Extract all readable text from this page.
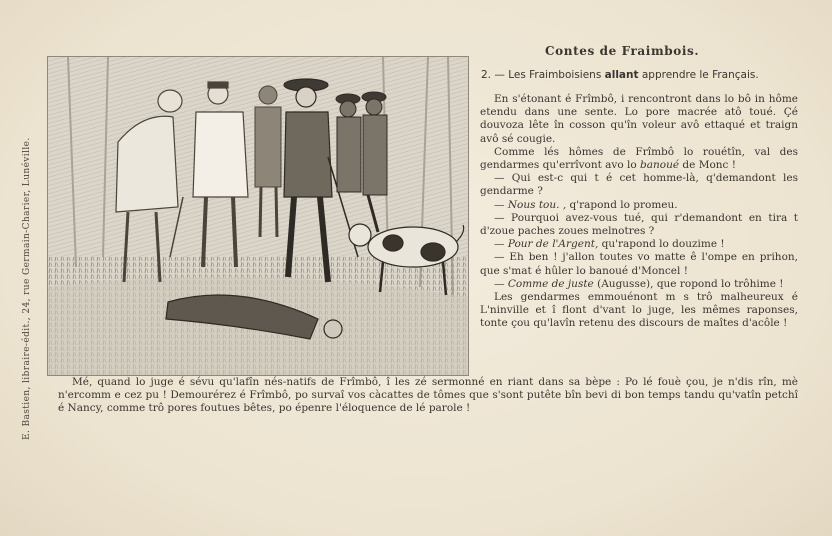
E. Bastien, libraire-édit., 24, rue Germain-Charier, Lunéville.
Contes de Fraimbois.
2. — Les Fraimboisiens allant apprendre le Français.

En s'étonant é Frîmbô, i rencontront dans lo bô in hôme etendu dans une sente. Lo pore macrée atô toué. Çé douvoza lête în cosson qu'în voleur avô ettaqué et traign avô sé cougie.

Comme lés hômes de Frîmbô lo rouétîn, val des gendarmes qu'errîvont avo lo banoué de Monc !

— Qui est-c qui t é cet homme-là, q'demandont les gendarme ?

— Nous tou. , q'rapond lo promeu.

— Pourquoi avez-vous tué, qui r'demandont en tira t d'zoue paches zoues melnotres ?

— Pour de l'Argent, qu'rapond lo douzime !

— Eh ben ! j'allon toutes vo matte ê l'ompe en prihon, que s'mat é hûler lo banoué d'Moncel !

— Comme de juste (Augusse), que ropond lo trôhime !

Les gendarmes emmouénont m s trô malheureux é L'ninville et î flont d'vant lo juge, les mêmes raponses, tonte çou qu'lavîn retenu des discours de maîtes d'acôle !

Mé, quand lo juge é sévu qu'lafîn nés-natifs de Frîmbô, î les zé sermonné en riant dans sa bèpe : Po lé fouè çou, je n'dis rîn, mè n'ercomm e cez pu ! Demourérez é Frîmbô, po survaî vos càcattes de tômes que s'sont putête bîn bevi di bon temps tandu qu'vatîn petchî é Nancy, comme trô pores foutues bêtes, po épenre l'éloquence de lé parole !
